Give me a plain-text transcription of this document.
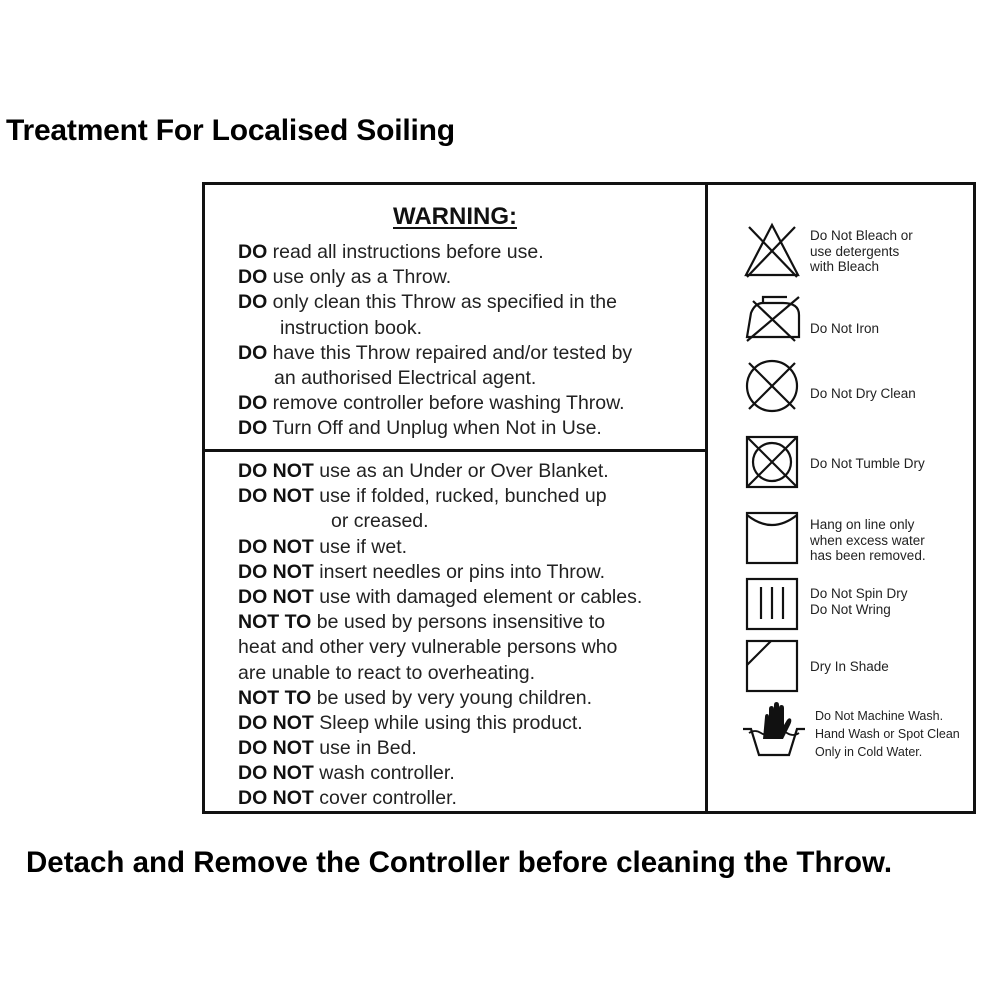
Treatment For Localised Soiling
WARNING:
DO read all instructions before use.
DO use only as a Throw.
DO only clean this Throw as specified in the
instruction book.
DO have this Throw repaired and/or tested by
an authorised Electrical agent.
DO remove controller before washing Throw.
DO Turn Off and Unplug when Not in Use.
DO NOT use as an Under or Over Blanket.
DO NOT use if folded, rucked, bunched up
or creased.
DO NOT use if wet.
DO NOT insert needles or pins into Throw.
DO NOT use with damaged element or cables.
NOT TO be used by persons insensitive to
heat and other very vulnerable persons who
are unable to react to overheating.
NOT TO be used by very young children.
DO NOT Sleep while using this product.
DO NOT use in Bed.
DO NOT wash controller.
DO NOT cover controller.
Do Not Bleach or
use detergents
with Bleach
Do Not Iron
Do Not Dry Clean
Do Not Tumble Dry
Hang on line only
when excess water
has been removed.
Do Not Spin Dry
Do Not Wring
Dry In Shade
Do Not Machine Wash.
Hand Wash or Spot Clean
Only in Cold Water.
Detach and Remove the Controller before cleaning the Throw.
